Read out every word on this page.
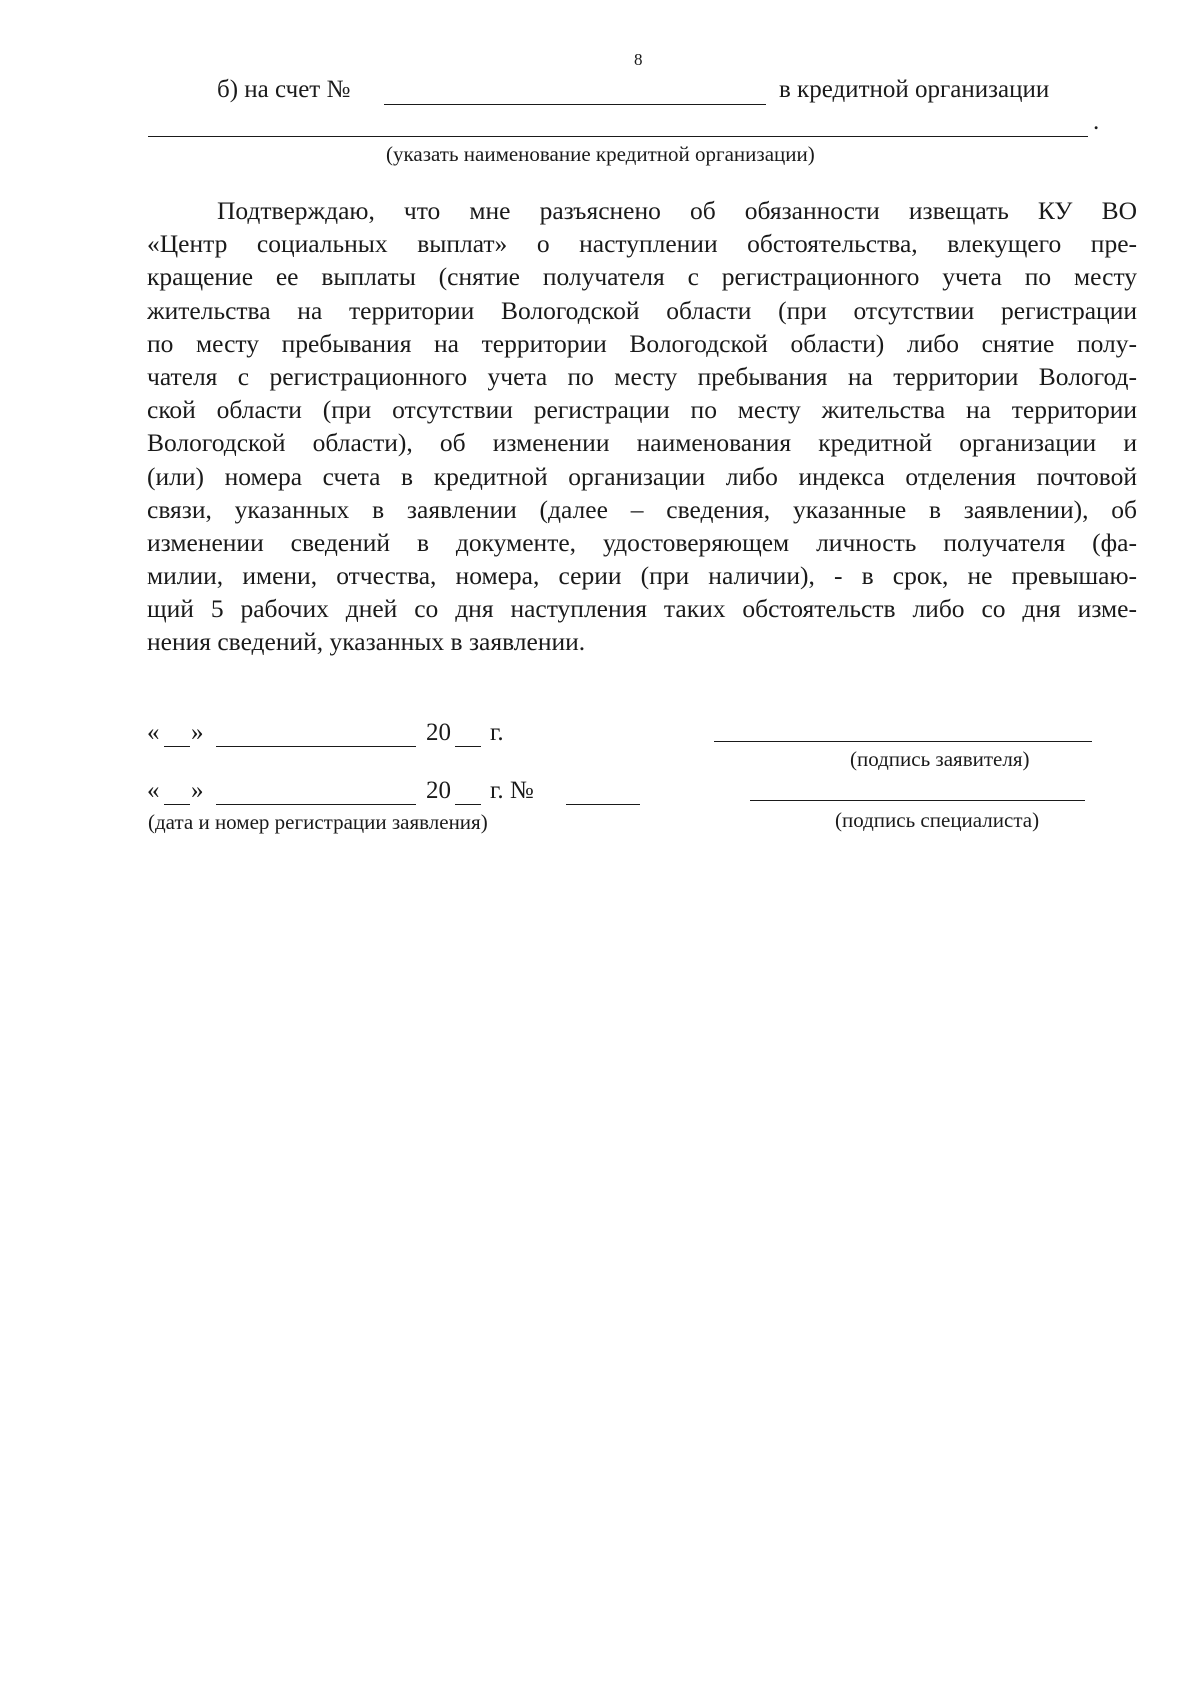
8
б) на счет №	в кредитной организации
.
(указать наименование кредитной организации)

Подтверждаю, что мне разъяснено об обязанности извещать КУ ВО
«Центр социальных выплат» о наступлении обстоятельства, влекущего пре-
кращение ее выплаты (снятие получателя с регистрационного учета по месту
жительства на территории Вологодской области (при отсутствии регистрации
по месту пребывания на территории Вологодской области) либо снятие полу-
чателя с регистрационного учета по месту пребывания на территории Вологод-
ской области (при отсутствии регистрации по месту жительства на территории
Вологодской области), об изменении наименования кредитной организации и
(или) номера счета в кредитной организации либо индекса отделения почтовой
связи, указанных в заявлении (далее – сведения, указанные в заявлении), об
изменении сведений в документе, удостоверяющем личность получателя (фа-
милии, имени, отчества, номера, серии (при наличии), - в срок, не превышаю-
щий 5 рабочих дней со дня наступления таких обстоятельств либо со дня изме-
нения сведений, указанных в заявлении.

« »	20 г.
(подпись заявителя)
« »	20 г. №
(дата и номер регистрации заявления)	(подпись специалиста)
